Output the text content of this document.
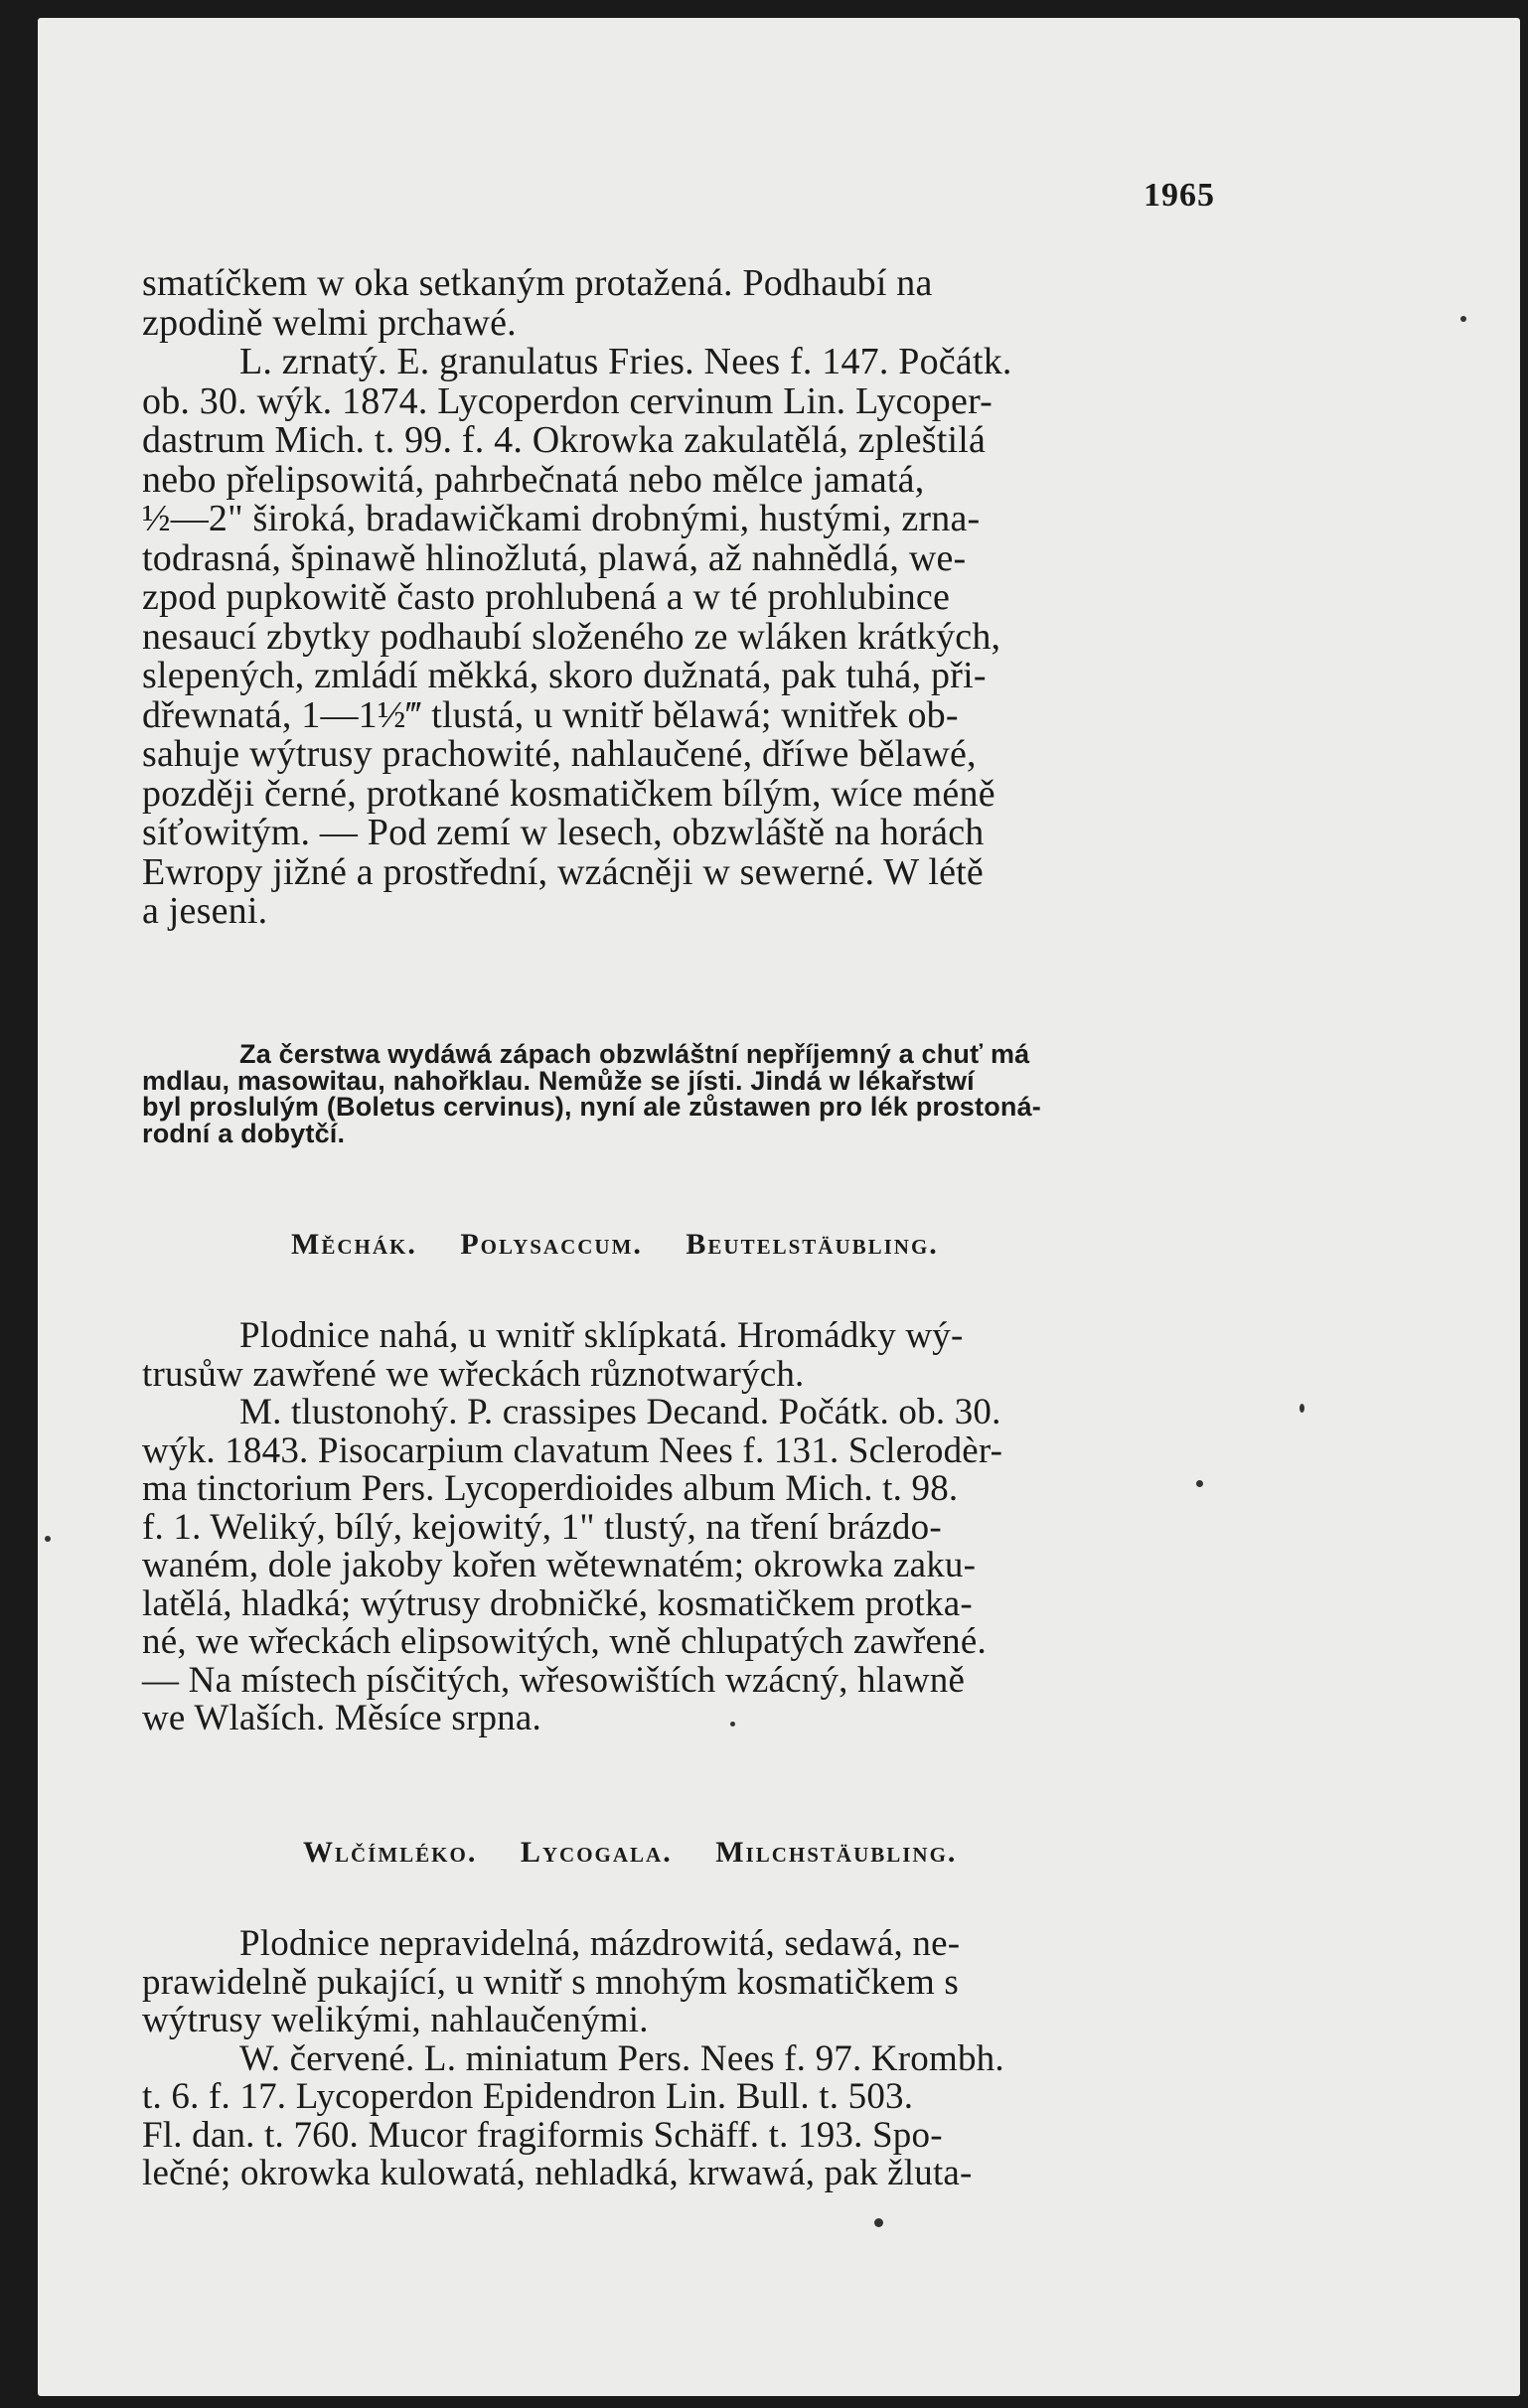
1965
smatíčkem w oka setkaným protažená. Podhaubí na
zpodině welmi prchawé.
L. zrnatý. E. granulatus Fries. Nees f. 147. Počátk.
ob. 30. wýk. 1874. Lycoperdon cervinum Lin. Lycoper-
dastrum Mich. t. 99. f. 4. Okrowka zakulatělá, zpleštilá
nebo přelipsowitá, pahrbečnatá nebo mělce jamatá,
½—2" široká, bradawičkami drobnými, hustými, zrna-
todrasná, špinawě hlinožlutá, plawá, až nahnědlá, we-
zpod pupkowitě často prohlubená a w té prohlubince
nesaucí zbytky podhaubí složeného ze wláken krátkých,
slepených, zmládí měkká, skoro dužnatá, pak tuhá, při-
dřewnatá, 1—1½‴ tlustá, u wnitř bělawá; wnitřek ob-
sahuje wýtrusy prachowité, nahlaučené, dříwe bělawé,
později černé, protkané kosmatičkem bílým, wíce méně
síťowitým. — Pod zemí w lesech, obzwláště na horách
Ewropy jižné a prostřední, wzácněji w sewerné. W létě
a jeseni.
Za čerstwa wydáwá zápach obzwláštní nepříjemný a chuť má
mdlau, masowitau, nahořklau. Nemůže se jísti. Jindá w lékařstwí
byl proslulým (Boletus cervinus), nyní ale zůstawen pro lék prostoná-
rodní a dobytčí.
Měchák. Polysaccum. Beutelstäubling.
Plodnice nahá, u wnitř sklípkatá. Hromádky wý-
trusůw zawřené we wřeckách různotwarých.
M. tlustonohý. P. crassipes Decand. Počátk. ob. 30.
wýk. 1843. Pisocarpium clavatum Nees f. 131. Sclerodèr-
ma tinctorium Pers. Lycoperdioides album Mich. t. 98.
f. 1. Weliký, bílý, kejowitý, 1" tlustý, na tření brázdo-
waném, dole jakoby kořen wětewnatém; okrowka zaku-
latělá, hladká; wýtrusy drobničké, kosmatičkem protka-
né, we wřeckách elipsowitých, wně chlupatých zawřené.
— Na místech písčitých, wřesowištích wzácný, hlawně
we Wlaších. Měsíce srpna.
Wlčímléko. Lycogala. Milchstäubling.
Plodnice nepravidelná, mázdrowitá, sedawá, ne-
prawidelně pukající, u wnitř s mnohým kosmatičkem s
wýtrusy welikými, nahlaučenými.
W. červené. L. miniatum Pers. Nees f. 97. Krombh.
t. 6. f. 17. Lycoperdon Epidendron Lin. Bull. t. 503.
Fl. dan. t. 760. Mucor fragiformis Schäff. t. 193. Spo-
lečné; okrowka kulowatá, nehladká, krwawá, pak žluta-
